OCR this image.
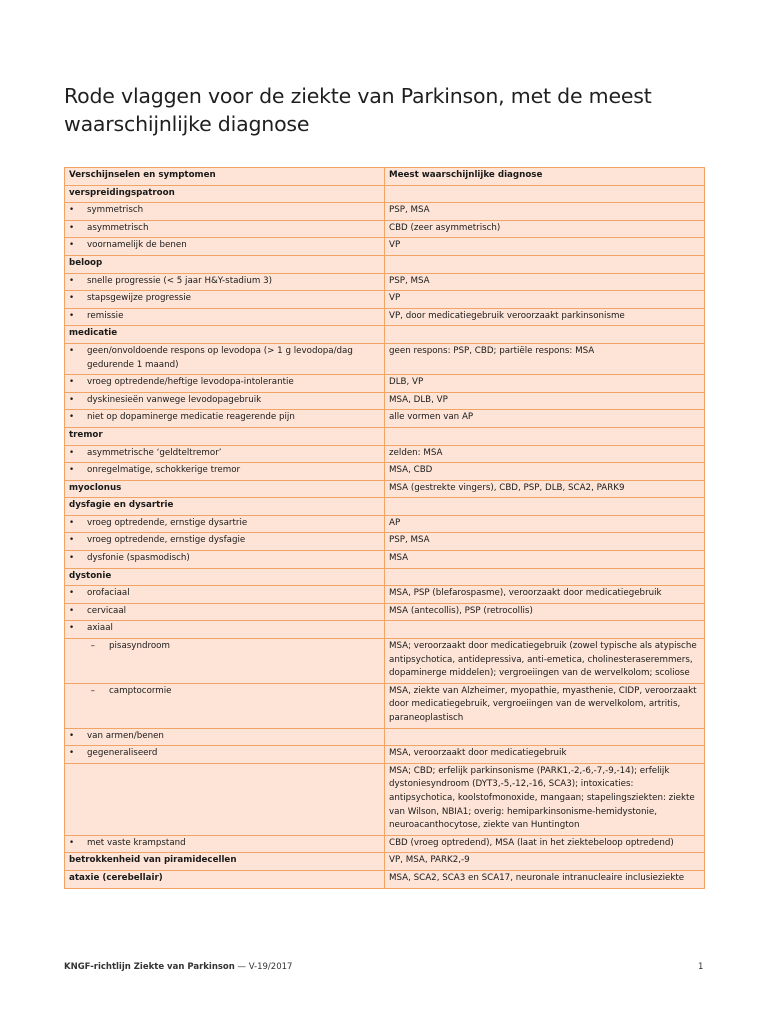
Rode vlaggen voor de ziekte van Parkinson, met de meest waarschijnlijke diagnose
Verschijnselen en symptomen	Meest waarschijnlijke diagnose
verspreidingspatroon	

• symmetrisch	PSP, MSA

• asymmetrisch	CBD (zeer asymmetrisch)

• voornamelijk de benen	VP
beloop	

• snelle progressie (< 5 jaar H&Y-stadium 3)	PSP, MSA

• stapsgewijze progressie	VP

• remissie	VP, door medicatiegebruik veroorzaakt parkinsonisme
medicatie	

• geen/onvoldoende respons op levodopa (> 1 g levodopa/dag gedurende 1 maand)	geen respons: PSP, CBD; partiële respons: MSA

• vroeg optredende/heftige levodopa-intolerantie	DLB, VP

• dyskinesieën vanwege levodopagebruik	MSA, DLB, VP

• niet op dopaminerge medicatie reagerende pijn	alle vormen van AP
tremor	

• asymmetrische ‘geldteltremor’	zelden: MSA

• onregelmatige, schokkerige tremor	MSA, CBD
myoclonus	MSA (gestrekte vingers), CBD, PSP, DLB, SCA2, PARK9
dysfagie en dysartrie	

• vroeg optredende, ernstige dysartrie	AP

• vroeg optredende, ernstige dysfagie	PSP, MSA

• dysfonie (spasmodisch)	MSA
dystonie	

• orofaciaal	MSA, PSP (blefarospasme), veroorzaakt door medicatiegebruik

• cervicaal	MSA (antecollis), PSP (retrocollis)

• axiaal	

– pisasyndroom	MSA; veroorzaakt door medicatiegebruik (zowel typische als atypische antipsychotica, antidepressiva, anti-emetica, cholinesteraseremmers, dopaminerge middelen); vergroeiingen van de wervelkolom; scoliose

– camptocormie	MSA, ziekte van Alzheimer, myopathie, myasthenie, CIDP, veroorzaakt door medicatiegebruik, vergroeiingen van de wervelkolom, artritis, paraneoplastisch

• van armen/benen	

• gegeneraliseerd	MSA, veroorzaakt door medicatiegebruik
	MSA; CBD; erfelijk parkinsonisme (PARK1,-2,-6,-7,-9,-14); erfelijk dystoniesyndroom (DYT3,-5,-12,-16, SCA3); intoxicaties: antipsychotica, koolstofmonoxide, mangaan; stapelingsziekten: ziekte van Wilson, NBIA1; overig: hemiparkinsonisme-hemidystonie, neuroacanthocytose, ziekte van Huntington

• met vaste krampstand	CBD (vroeg optredend), MSA (laat in het ziektebeloop optredend)
betrokkenheid van piramidecellen	VP, MSA, PARK2,-9
ataxie (cerebellair)	MSA, SCA2, SCA3 en SCA17, neuronale intranucleaire inclusieziekte
KNGF-richtlijn Ziekte van Parkinson — V-19/2017	1
